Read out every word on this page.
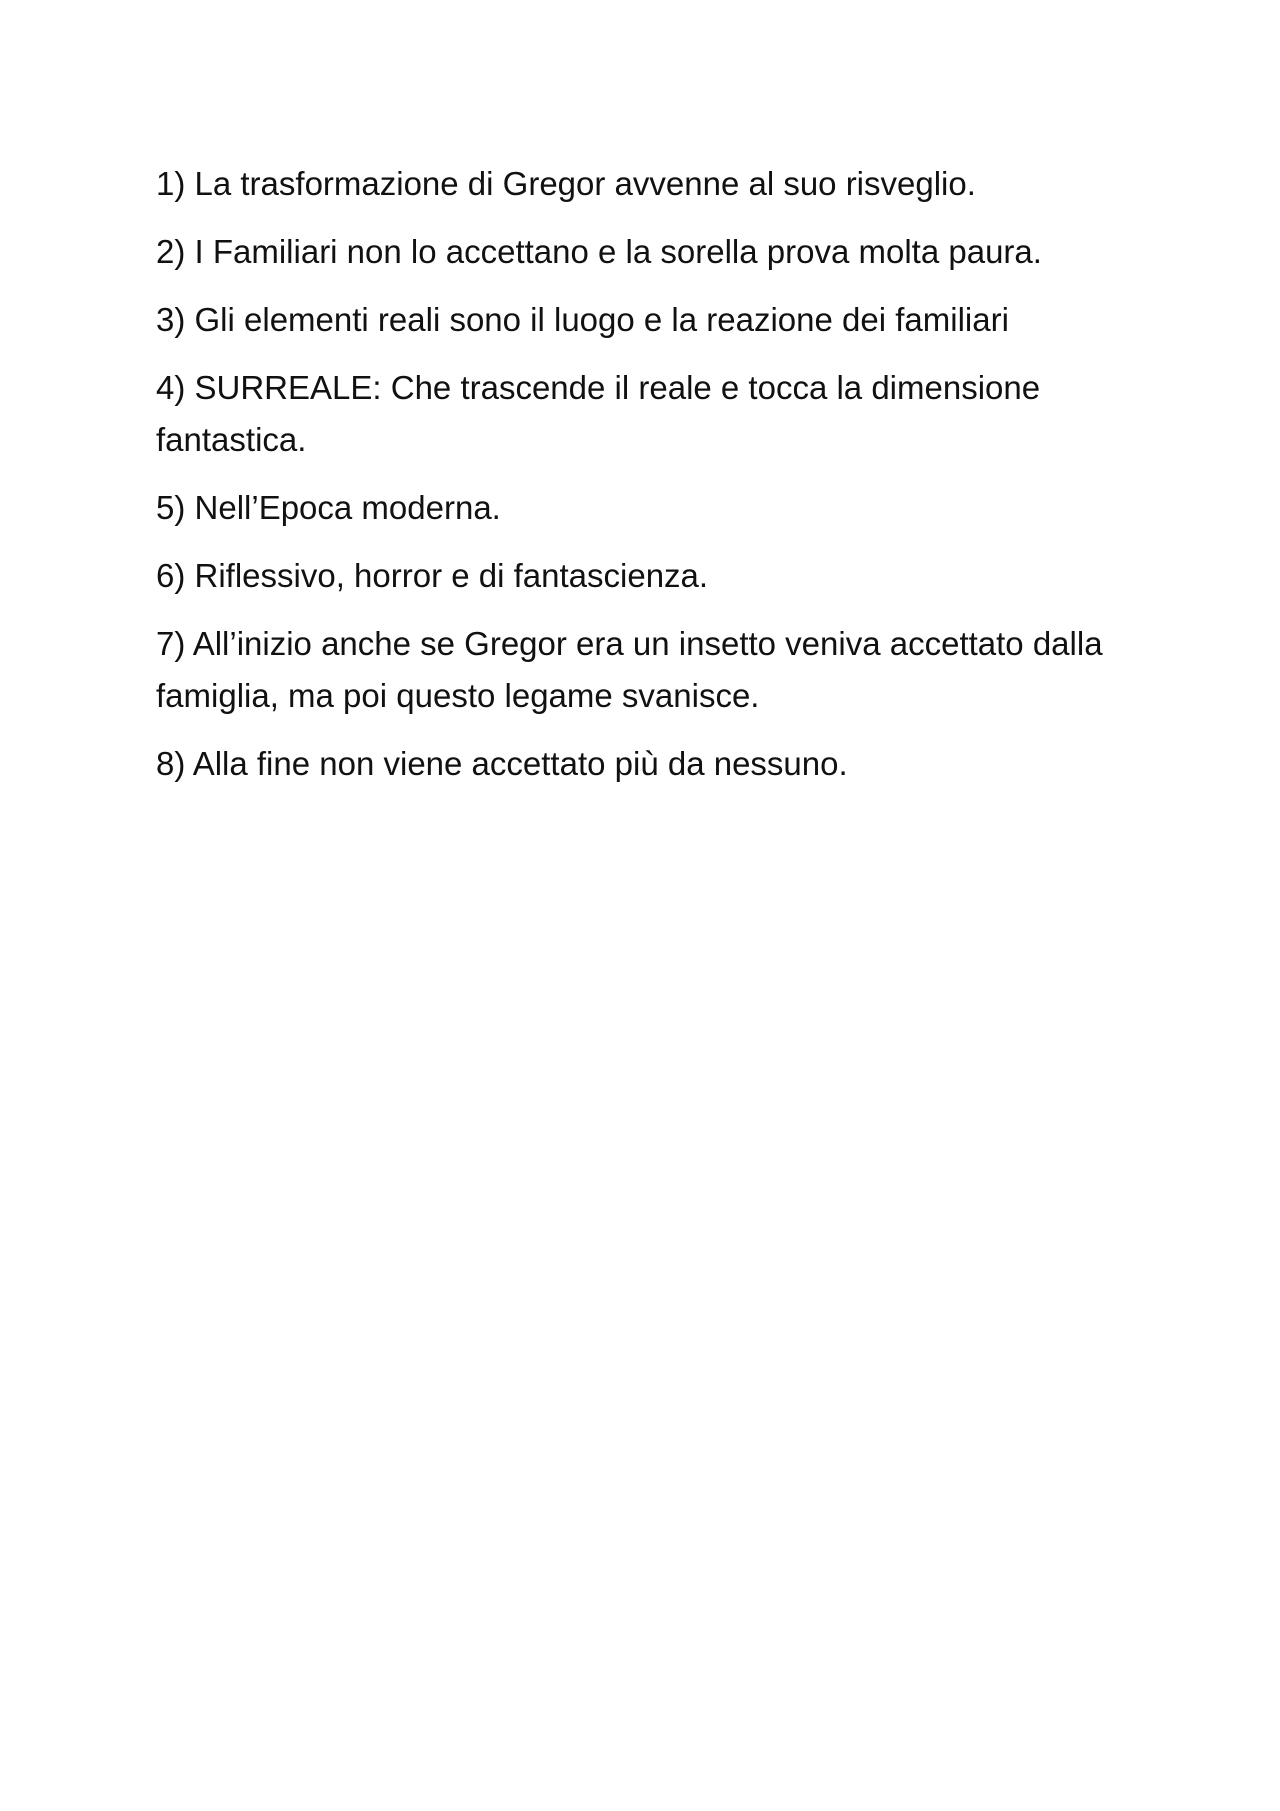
1) La trasformazione di Gregor avvenne al suo risveglio.
2) I Familiari non lo accettano e la sorella prova molta paura.
3) Gli elementi reali sono il luogo e la reazione dei familiari
4) SURREALE: Che trascende il reale e tocca la dimensione fantastica.
5) Nell’Epoca moderna.
6) Riflessivo, horror e di fantascienza.
7) All’inizio anche se Gregor era un insetto veniva accettato dalla famiglia, ma poi questo legame svanisce.
8) Alla fine non viene accettato più da nessuno.
